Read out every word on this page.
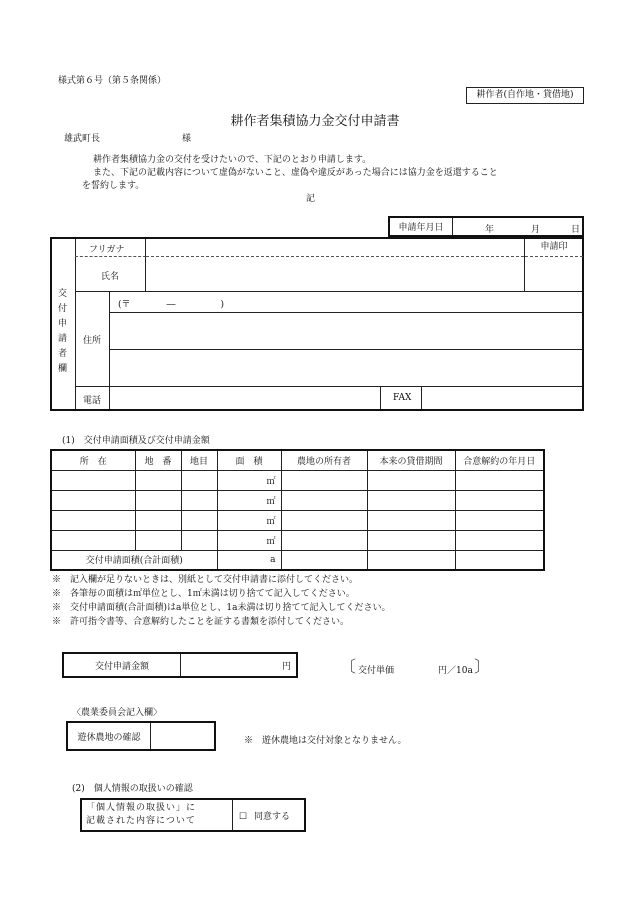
様式第６号（第５条関係）
耕作者(自作地・貸借地)
耕作者集積協力金交付申請書
雄武町長	様
耕作者集積協力金の交付を受けたいので、下記のとおり申請します。
また、下記の記載内容について虚偽がないこと、虚偽や違反があった場合には協力金を返還すること
を誓約します。
記
申請年月日	年	月	日
交付申請者欄
フリガナ	申請印
氏名
住所
(〒　　　　―　　　　　)
電話	FAX
(1)　交付申請面積及び交付申請金額
所　在	地　番	地目	面　積	農地の所有者	本来の貸借期間	合意解約の年月日
			㎡			
			㎡			
			㎡			
			㎡			
交付申請面積(合計面積)			a			
※　記入欄が足りないときは、別紙として交付申請書に添付してください。
※　各筆毎の面積は㎡単位とし、1㎡未満は切り捨てて記入してください。
※　交付申請面積(合計面積)はa単位とし、1a未満は切り捨てて記入してください。
※　許可指令書等、合意解約したことを証する書類を添付してください。
交付申請金額	円	〔 交付単価	円／10a 〕
〈農業委員会記入欄〉
遊休農地の確認		※　遊休農地は交付対象となりません。
(2)　個人情報の取扱いの確認
「個人情報の取扱い」に
記載された内容について	☐ 同意する
